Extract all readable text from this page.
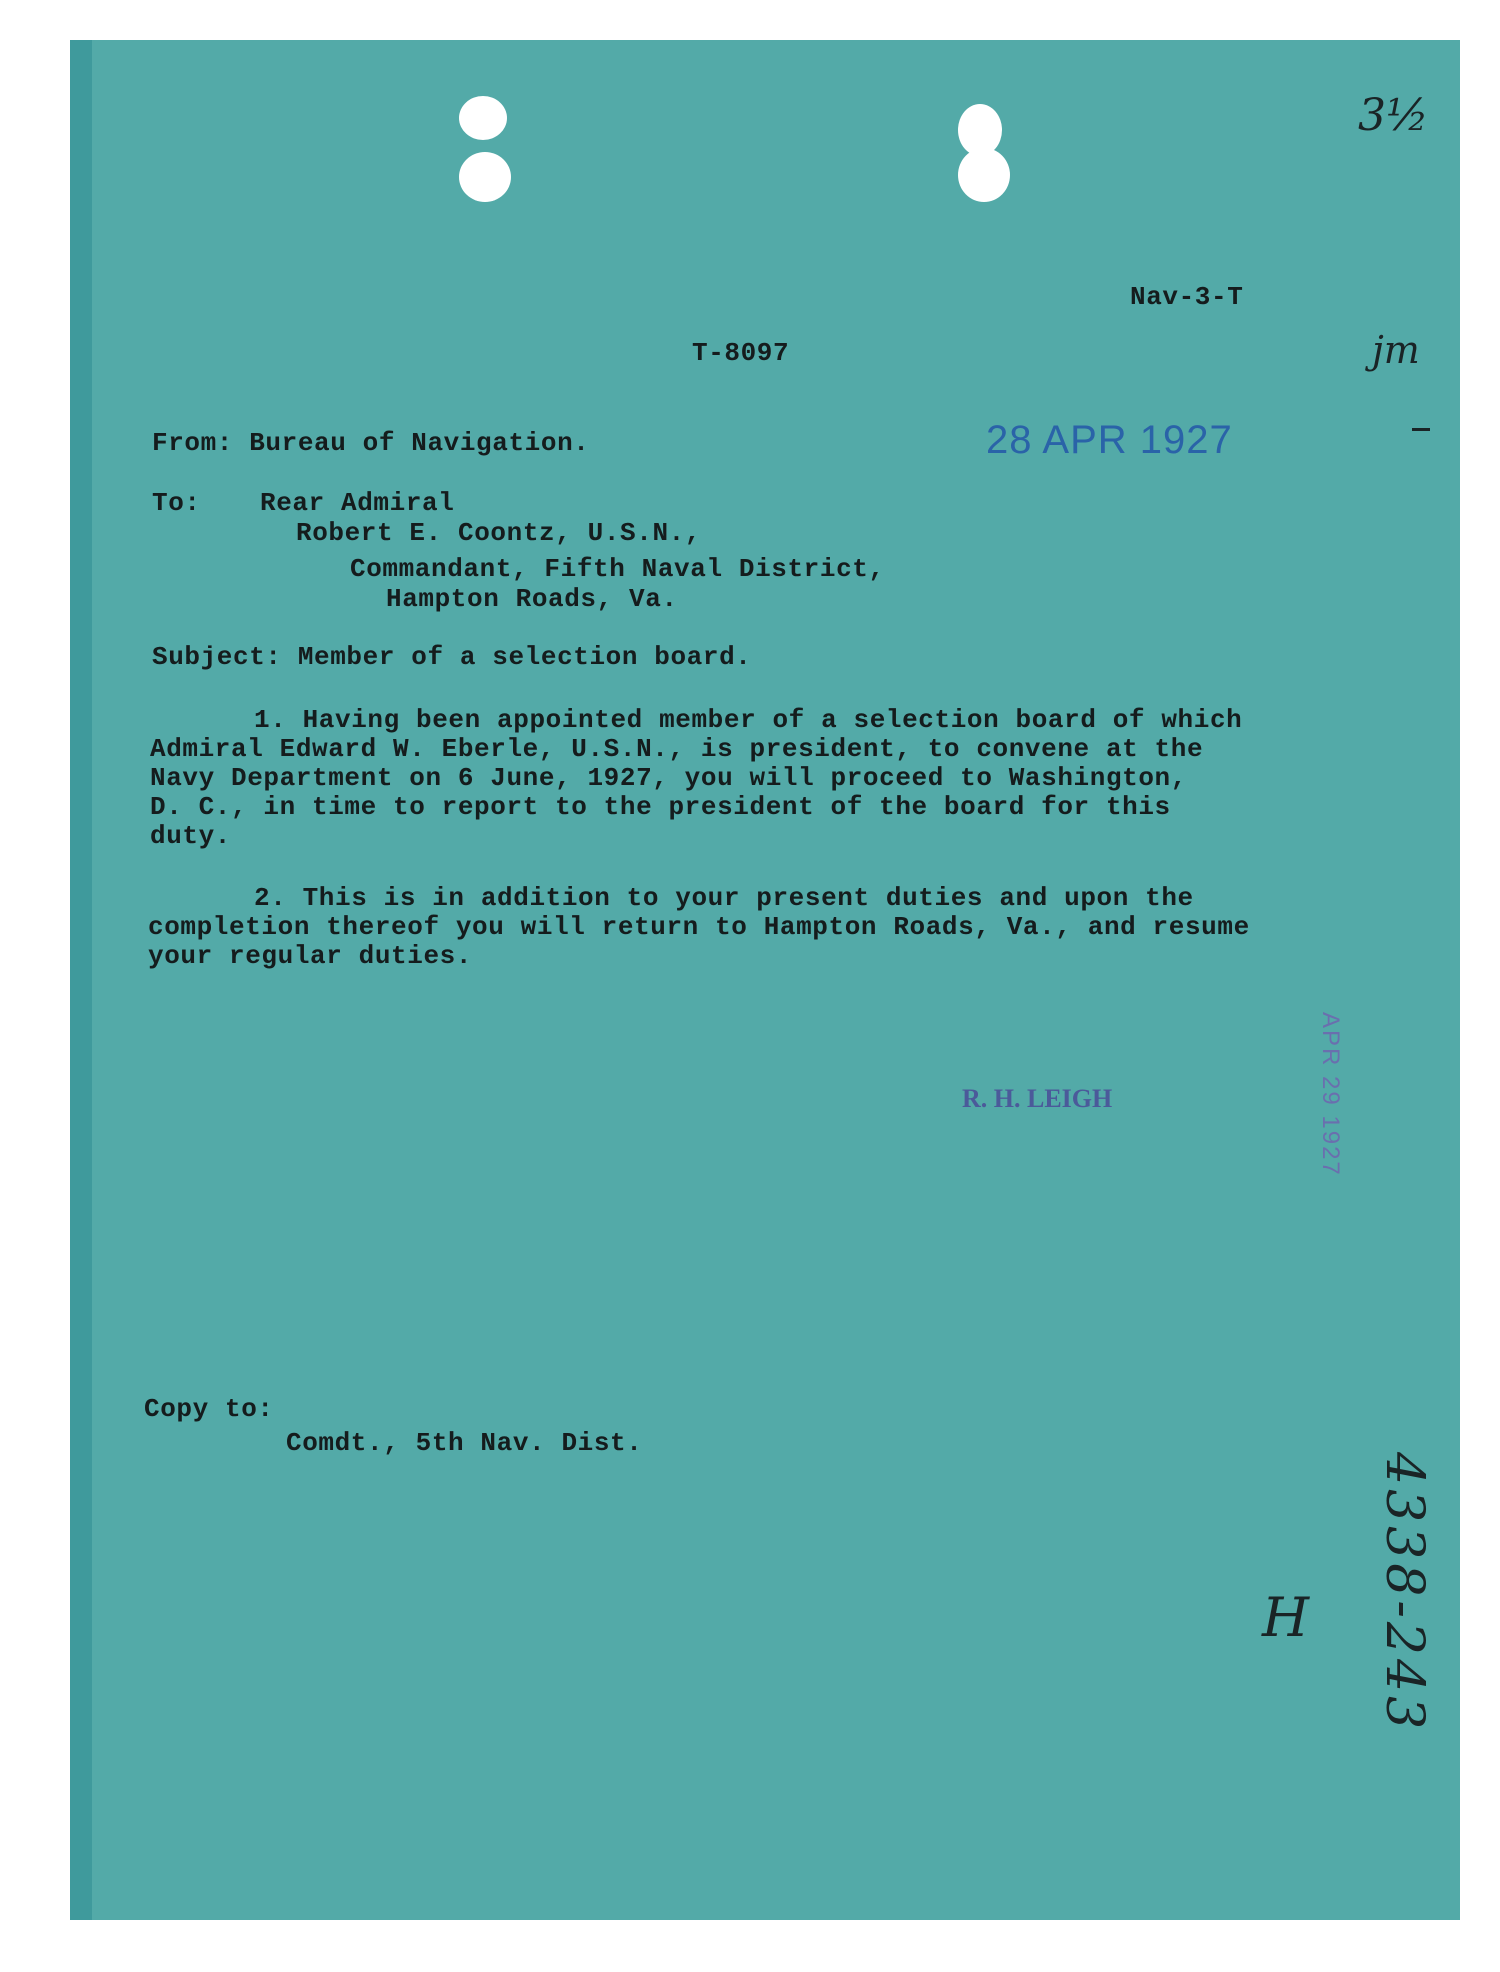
3½
jm
Nav-3-T
T-8097
From: Bureau of Navigation.	28 APR 1927
To: Rear Admiral
Robert E. Coontz, U.S.N.,
Commandant, Fifth Naval District,
Hampton Roads, Va.
Subject: Member of a selection board.
1. Having been appointed member of a selection board of which
Admiral Edward W. Eberle, U.S.N., is president, to convene at the
Navy Department on 6 June, 1927, you will proceed to Washington,
D. C., in time to report to the president of the board for this
duty.
2. This is in addition to your present duties and upon the
completion thereof you will return to Hampton Roads, Va., and resume
your regular duties.
R. H. LEIGH	APR 29 1927
Copy to:
Comdt., 5th Nav. Dist.
4338-243
H
